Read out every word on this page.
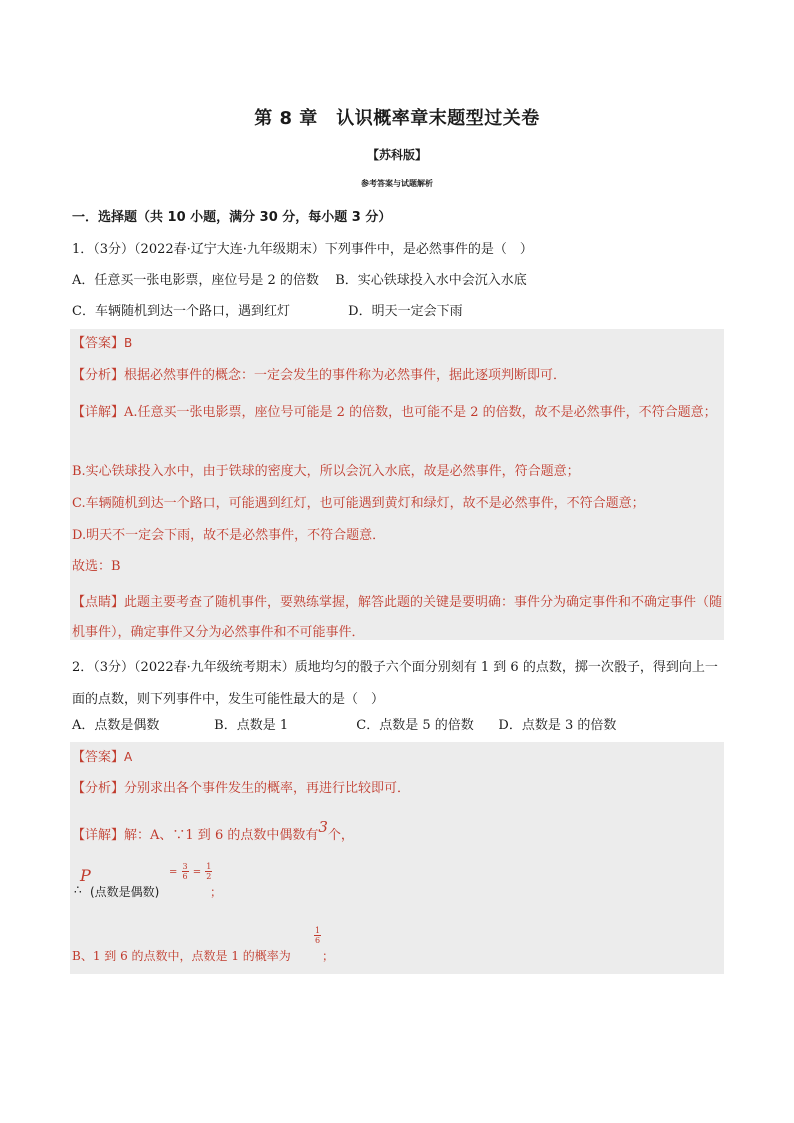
第 8 章　认识概率章末题型过关卷
【苏科版】
参考答案与试题解析
一．选择题（共 10 小题，满分 30 分，每小题 3 分）
1．（3分）（2022春·辽宁大连·九年级期末）下列事件中，是必然事件的是（　）
A．任意买一张电影票，座位号是 2 的倍数 B．实心铁球投入水中会沉入水底
C．车辆随机到达一个路口，遇到红灯	D．明天一定会下雨
【答案】B
【分析】根据必然事件的概念：一定会发生的事件称为必然事件，据此逐项判断即可．
【详解】A.任意买一张电影票，座位号可能是 2 的倍数，也可能不是 2 的倍数，故不是必然事件，不符合题意；
B.实心铁球投入水中，由于铁球的密度大，所以会沉入水底，故是必然事件，符合题意；
C.车辆随机到达一个路口，可能遇到红灯，也可能遇到黄灯和绿灯，故不是必然事件，不符合题意；
D.明天不一定会下雨，故不是必然事件，不符合题意．
故选：B
【点睛】此题主要考查了随机事件，要熟练掌握，解答此题的关键是要明确：事件分为确定事件和不确定事件（随机事件），确定事件又分为必然事件和不可能事件．
2．（3分）（2022春·九年级统考期末）质地均匀的骰子六个面分别刻有 1 到 6 的点数，掷一次骰子，得到向上一面的点数，则下列事件中，发生可能性最大的是（　）
A．点数是偶数	B．点数是 1	C．点数是 5 的倍数 D．点数是 3 的倍数
【答案】A
【分析】分别求出各个事件发生的概率，再进行比较即可．
【详解】解：A、∵1 到 6 的点数中偶数有3个，
∴
P
(点数是偶数)
= $\frac{3}{6} = \frac{1}{2}$
；
B、1 到 6 的点数中，点数是 1 的概率为
$\frac{1}{6}$
；
